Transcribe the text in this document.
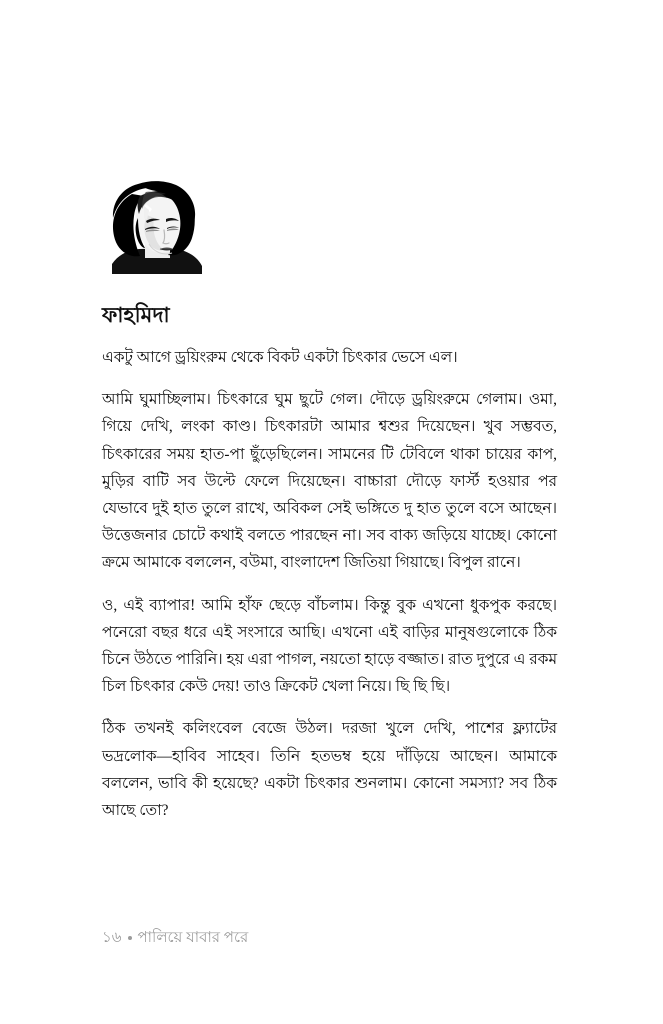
ফাহমিদা

একটু আগে ড্রয়িংরুম থেকে বিকট একটা চিৎকার ভেসে এল।

আমি ঘুমাচ্ছিলাম। চিৎকারে ঘুম ছুটে গেল। দৌড়ে ড্রয়িংরুমে গেলাম। ওমা, গিয়ে দেখি, লংকা কাণ্ড। চিৎকারটা আমার শ্বশুর দিয়েছেন। খুব সম্ভবত, চিৎকারের সময় হাত-পা ছুঁড়েছিলেন। সামনের টি টেবিলে থাকা চায়ের কাপ, মুড়ির বাটি সব উল্টে ফেলে দিয়েছেন। বাচ্চারা দৌড়ে ফার্স্ট হওয়ার পর যেভাবে দুই হাত তুলে রাখে, অবিকল সেই ভঙ্গিতে দু হাত তুলে বসে আছেন। উত্তেজনার চোটে কথাই বলতে পারছেন না। সব বাক্য জড়িয়ে যাচ্ছে। কোনো ক্রমে আমাকে বললেন, বউমা, বাংলাদেশ জিতিয়া গিয়াছে। বিপুল রানে।

ও, এই ব্যাপার! আমি হাঁফ ছেড়ে বাঁচলাম। কিন্তু বুক এখনো ধুকপুক করছে। পনেরো বছর ধরে এই সংসারে আছি। এখনো এই বাড়ির মানুষগুলোকে ঠিক চিনে উঠতে পারিনি। হয় এরা পাগল, নয়তো হাড়ে বজ্জাত। রাত দুপুরে এ রকম চিল চিৎকার কেউ দেয়! তাও ক্রিকেট খেলা নিয়ে। ছি ছি ছি।

ঠিক তখনই কলিংবেল বেজে উঠল। দরজা খুলে দেখি, পাশের ফ্ল্যাটের ভদ্রলোক—হাবিব সাহেব। তিনি হতভম্ব হয়ে দাঁড়িয়ে আছেন। আমাকে বললেন, ভাবি কী হয়েছে? একটা চিৎকার শুনলাম। কোনো সমস্যা? সব ঠিক আছে তো?

১৬ পালিয়ে যাবার পরে
